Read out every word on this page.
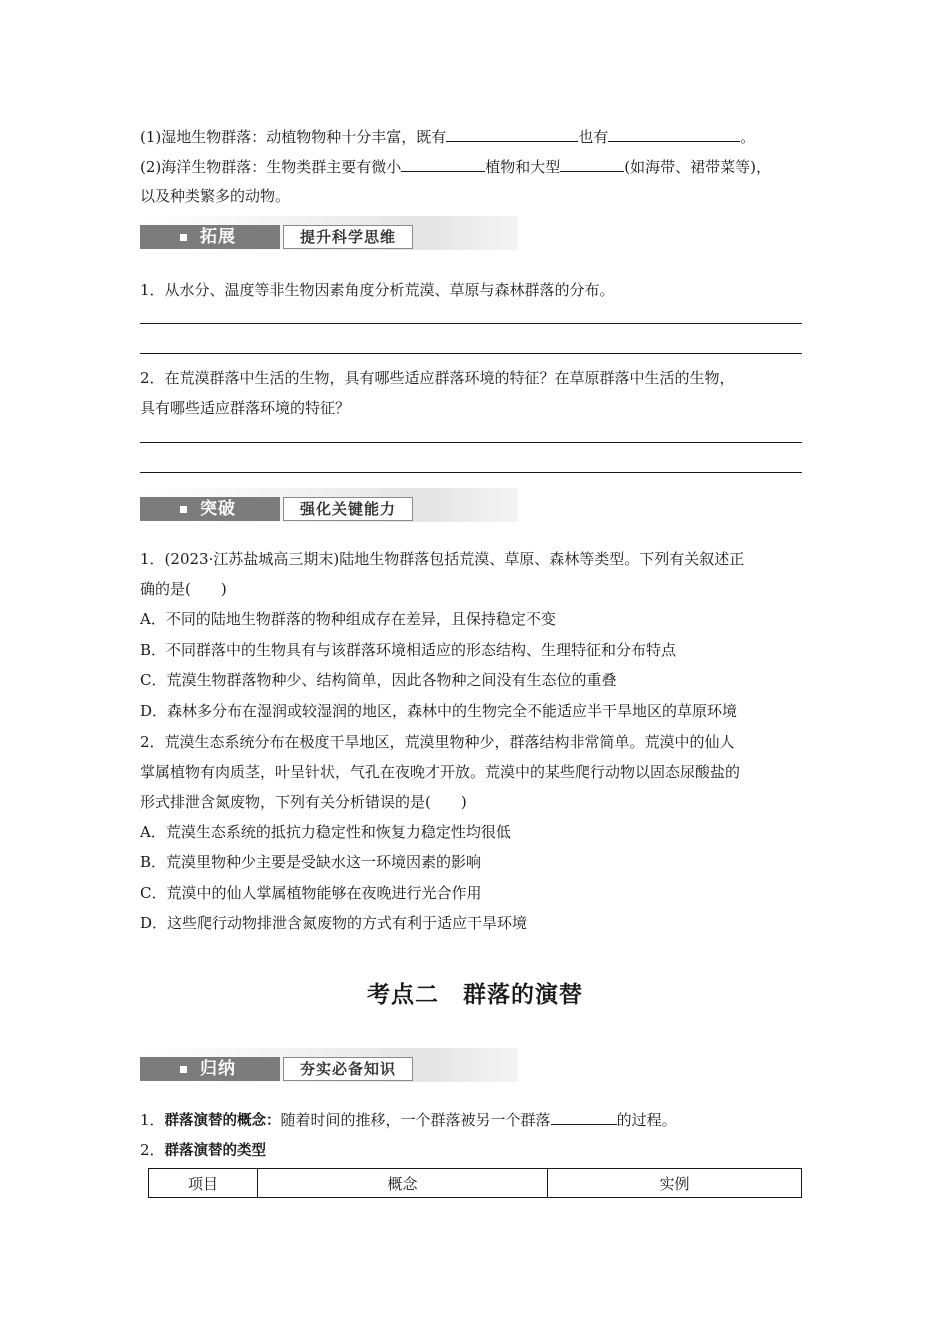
(1)湿地生物群落：动植物物种十分丰富，既有	也有	。
(2)海洋生物群落：生物类群主要有微小	植物和大型	(如海带、裙带菜等)，
以及种类繁多的动物。
拓展	提升科学思维
1．从水分、温度等非生物因素角度分析荒漠、草原与森林群落的分布。
2．在荒漠群落中生活的生物，具有哪些适应群落环境的特征？在草原群落中生活的生物，
具有哪些适应群落环境的特征？
突破	强化关键能力
1．(2023·江苏盐城高三期末)陆地生物群落包括荒漠、草原、森林等类型。下列有关叙述正
确的是(　　)
A．不同的陆地生物群落的物种组成存在差异，且保持稳定不变
B．不同群落中的生物具有与该群落环境相适应的形态结构、生理特征和分布特点
C．荒漠生物群落物种少、结构简单，因此各物种之间没有生态位的重叠
D．森林多分布在湿润或较湿润的地区，森林中的生物完全不能适应半干旱地区的草原环境
2．荒漠生态系统分布在极度干旱地区，荒漠里物种少，群落结构非常简单。荒漠中的仙人
掌属植物有肉质茎，叶呈针状，气孔在夜晚才开放。荒漠中的某些爬行动物以固态尿酸盐的
形式排泄含氮废物，下列有关分析错误的是(　　)
A．荒漠生态系统的抵抗力稳定性和恢复力稳定性均很低
B．荒漠里物种少主要是受缺水这一环境因素的影响
C．荒漠中的仙人掌属植物能够在夜晚进行光合作用
D．这些爬行动物排泄含氮废物的方式有利于适应干旱环境
考点二　群落的演替
归纳	夯实必备知识
1．群落演替的概念：随着时间的推移，一个群落被另一个群落	的过程。
2．群落演替的类型
项目	概念	实例
